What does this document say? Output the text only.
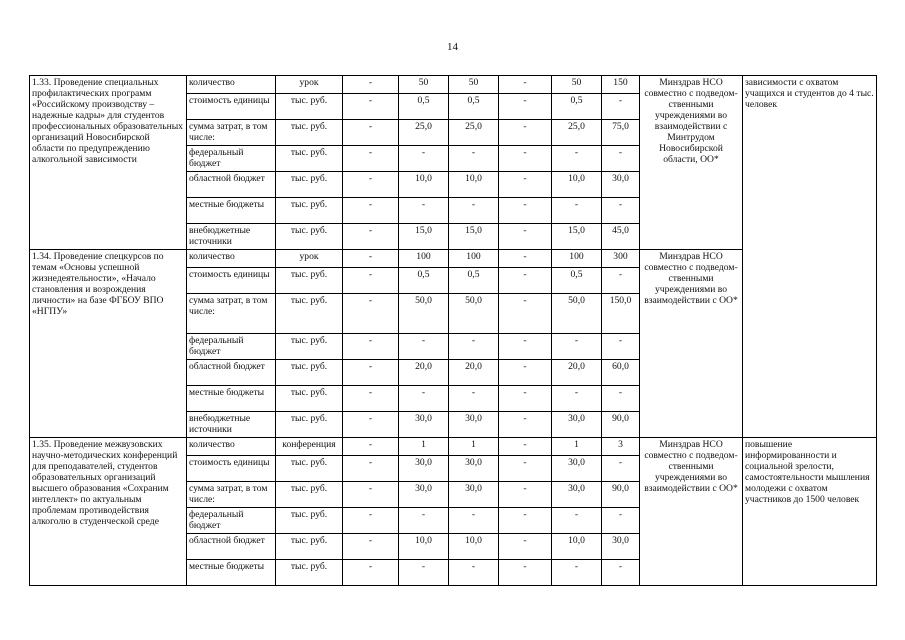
14
1.33. Проведение специальных профилактических программ «Российскому производству – надежные кадры» для студентов профессиональных образовательных организаций Новосибирской области по предупреждению алкогольной зависимости	количество	урок	-	50	50	-	50	150	Минздрав НСО совместно с подведом-ственными учреждениями во взаимодействии с Минтрудом Новосибирской области, ОО*	зависимости с охватом учащихся и студентов до 4 тыс. человек
	стоимость единицы	тыс. руб.	-	0,5	0,5	-	0,5	-		
	сумма затрат, в том числе:	тыс. руб.	-	25,0	25,0	-	25,0	75,0		
	федеральный бюджет	тыс. руб.	-	-	-	-	-	-		
	областной бюджет	тыс. руб.	-	10,0	10,0	-	10,0	30,0		
	местные бюджеты	тыс. руб.	-	-	-	-	-	-		
	внебюджетные источники	тыс. руб.	-	15,0	15,0	-	15,0	45,0		
1.34. Проведение спецкурсов по темам «Основы успешной жизнедеятельности», «Начало становления и возрождения личности» на базе ФГБОУ ВПО «НГПУ»	количество	урок	-	100	100	-	100	300	Минздрав НСО совместно с подведом-ственными учреждениями во взаимодействии с ОО*	
	стоимость единицы	тыс. руб.	-	0,5	0,5	-	0,5	-		
	сумма затрат, в том числе:	тыс. руб.	-	50,0	50,0	-	50,0	150,0		
	федеральный бюджет	тыс. руб.	-	-	-	-	-	-		
	областной бюджет	тыс. руб.	-	20,0	20,0	-	20,0	60,0		
	местные бюджеты	тыс. руб.	-	-	-	-	-	-		
	внебюджетные источники	тыс. руб.	-	30,0	30,0	-	30,0	90,0		
1.35. Проведение межвузовских научно-методических конференций для преподавателей, студентов образовательных организаций высшего образования «Сохраним интеллект» по актуальным проблемам противодействия алкоголю в студенческой среде	количество	конференция	-	1	1	-	1	3	Минздрав НСО совместно с подведом-ственными учреждениями во взаимодействии с ОО*	повышение информированности и социальной зрелости, самостоятельности мышления молодежи с охватом участников до 1500 человек
	стоимость единицы	тыс. руб.	-	30,0	30,0	-	30,0	-		
	сумма затрат, в том числе:	тыс. руб.	-	30,0	30,0	-	30,0	90,0		
	федеральный бюджет	тыс. руб.	-	-	-	-	-	-		
	областной бюджет	тыс. руб.	-	10,0	10,0	-	10,0	30,0		
	местные бюджеты	тыс. руб.	-	-	-	-	-	-		
